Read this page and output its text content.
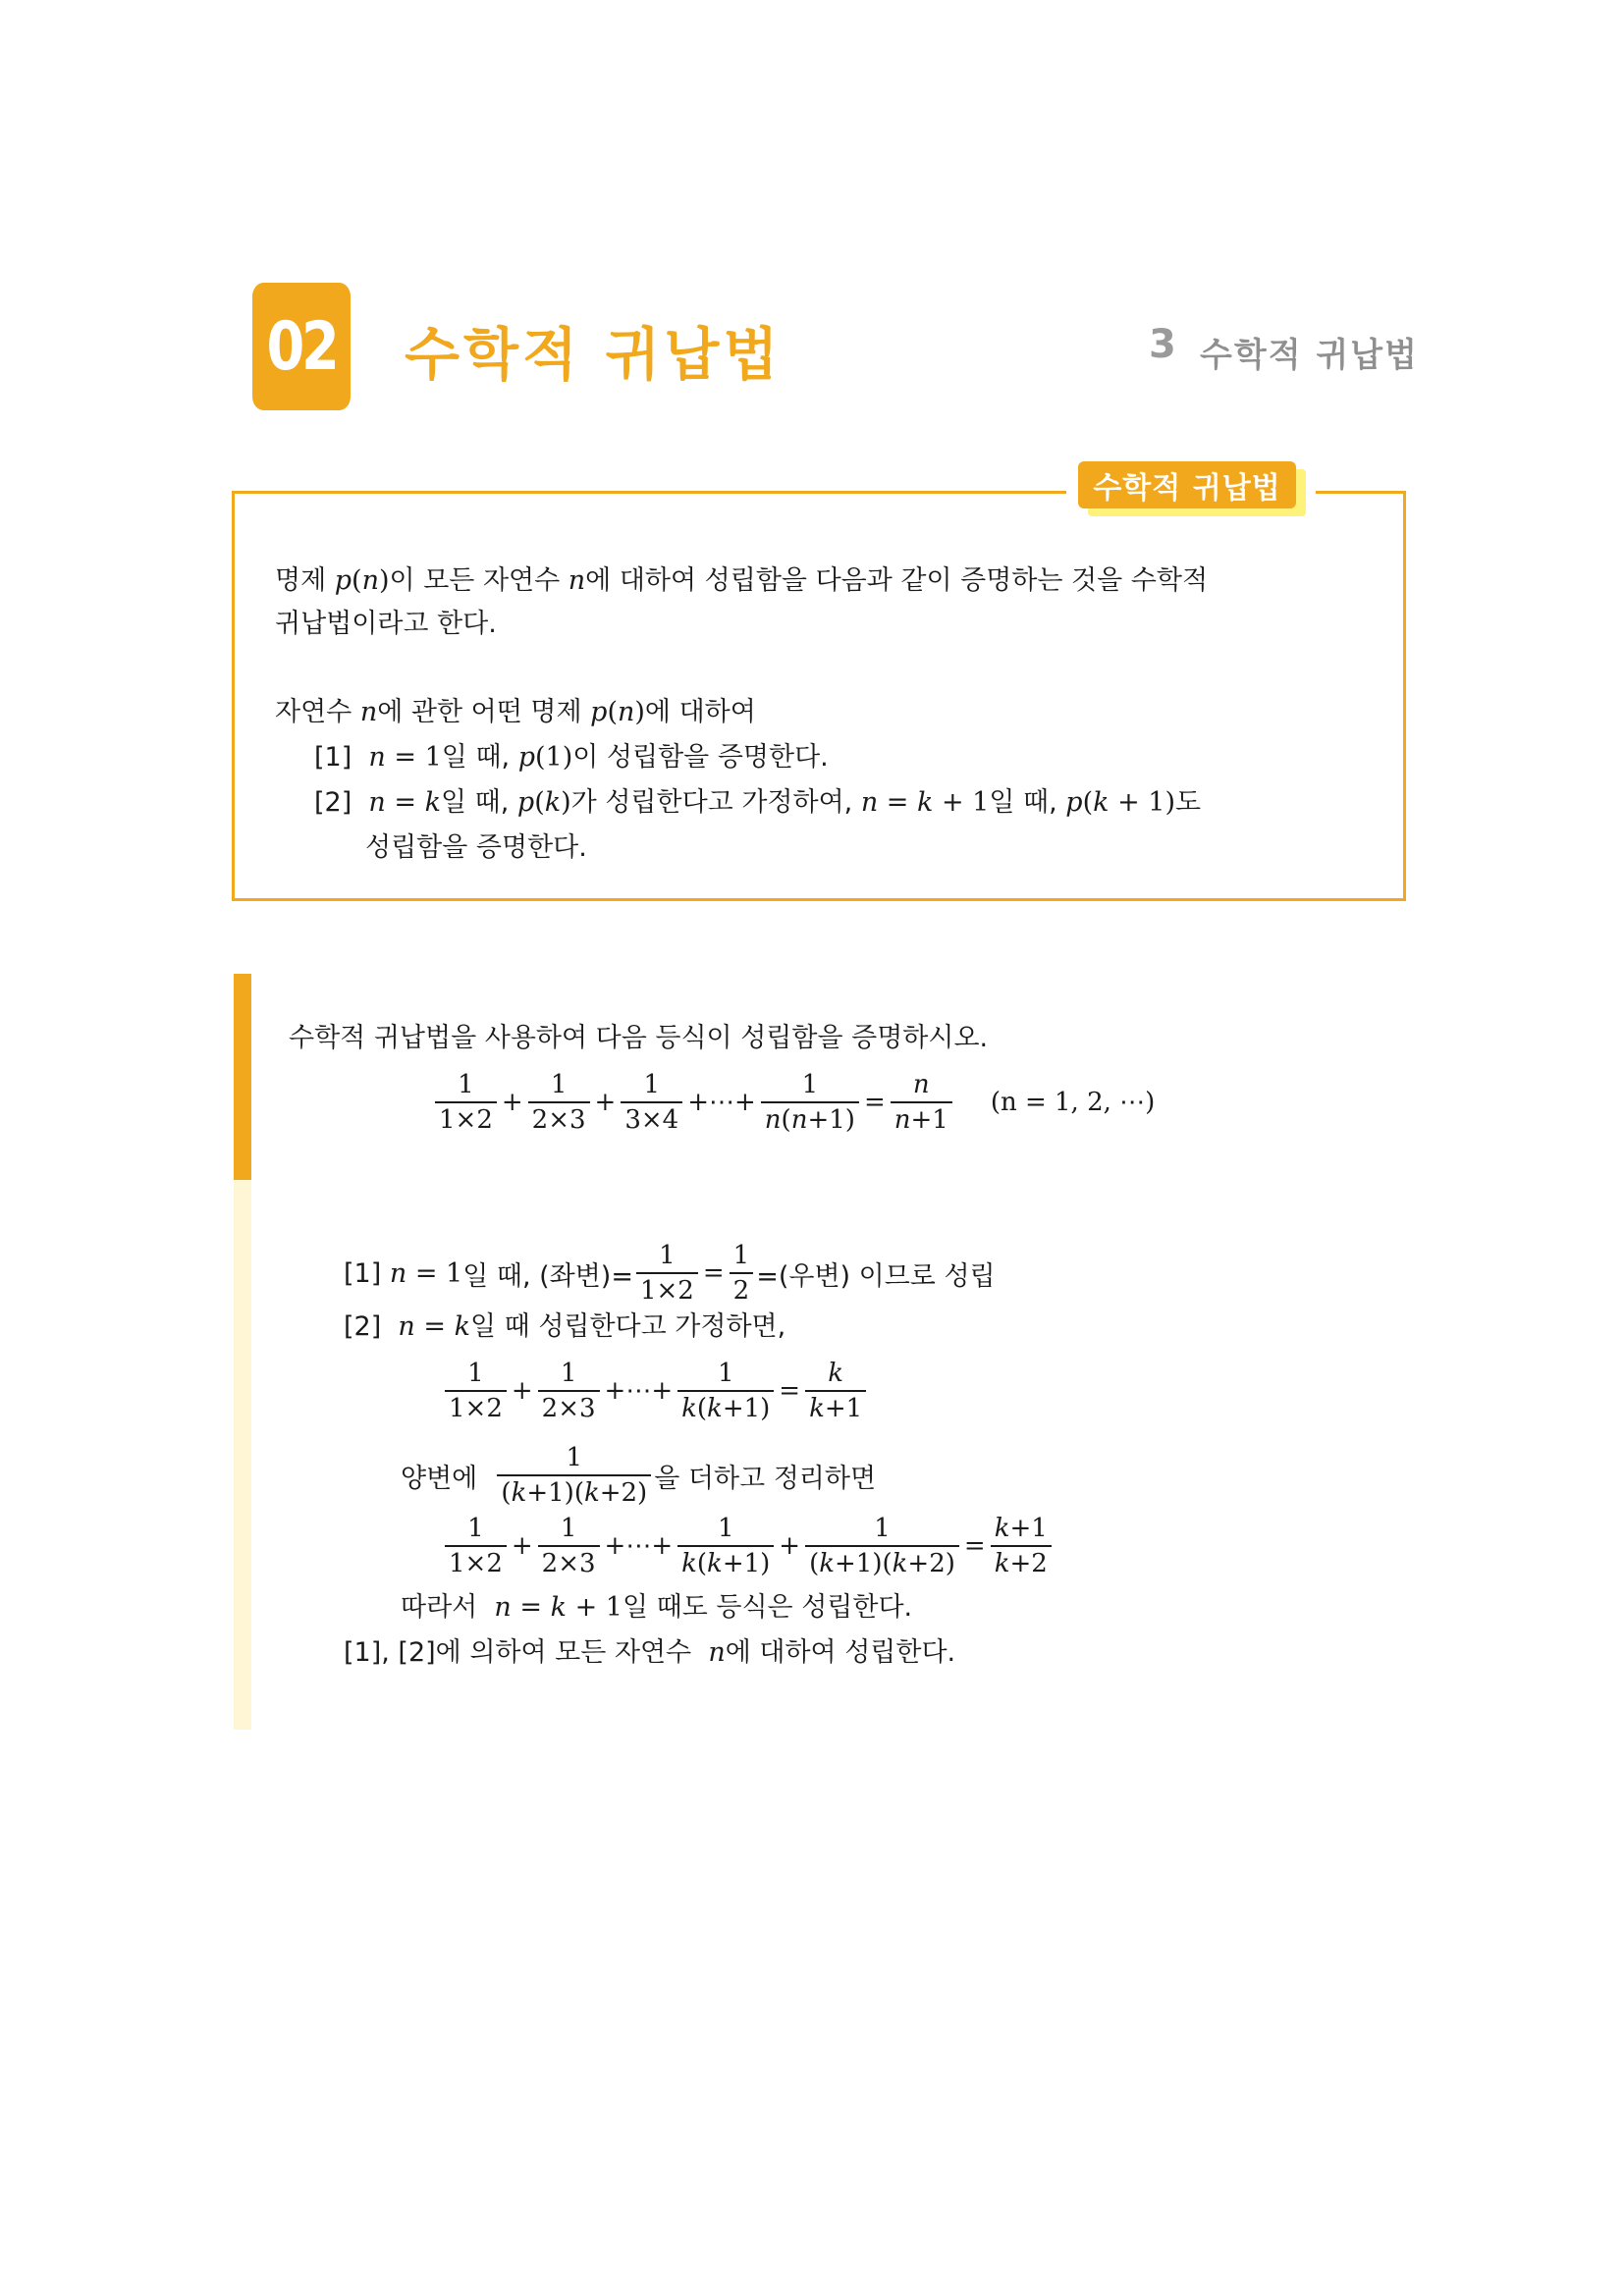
02 수학적 귀납법	3 수학적 귀납법
수학적 귀납법
명제 p(n)이 모든 자연수 n에 대하여 성립함을 다음과 같이 증명하는 것을 수학적
귀납법이라고 한다.
자연수 n에 관한 어떤 명제 p(n)에 대하여
[1] n = 1일 때, p(1)이 성립함을 증명한다.
[2] n = k일 때, p(k)가 성립한다고 가정하여, n = k + 1일 때, p(k + 1)도
성립함을 증명한다.
수학적 귀납법을 사용하여 다음 등식이 성립함을 증명하시오.
$\frac{1}{1\times 2} + \frac{1}{2\times 3} + \frac{1}{3\times 4}$ +⋯+ $\frac{1}{n(n+1)} = \frac{n}{n+1} (n = 1$, 2, ⋯)
[1]
n = 1 일 때, (좌변)= $\frac{1}{1\times 2} = \frac{1}{2}$ =(우변) 이므로 성립
[2] n = k일 때 성립한다고 가정하면,
$\frac{1}{1\times 2} + \frac{1}{2\times 3}$ +⋯+ $\frac{1}{k(k+1)} = \frac{k}{k+1}$
양변에
$\frac{1}{(k+1)(k+2)}$ 을 더하고 정리하면
$\frac{1}{1\times 2} + \frac{1}{2\times 3}$ +⋯+ $\frac{1}{k(k+1)} + \frac{1}{(k+1)(k+2)} = \frac{k+1}{k+2}$
따라서 n = k + 1일 때도 등식은 성립한다.
[1], [2]에 의하여 모든 자연수 n에 대하여 성립한다.
